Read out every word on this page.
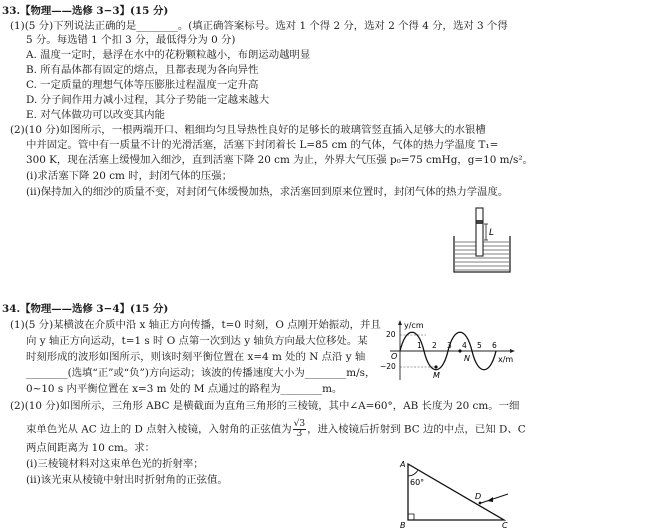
33.【物理——选修 3−3】(15 分)
(1)(5 分)下列说法正确的是________。(填正确答案标号。选对 1 个得 2 分，选对 2 个得 4 分，选对 3 个得
5 分。每选错 1 个扣 3 分，最低得分为 0 分)
A. 温度一定时，悬浮在水中的花粉颗粒越小，布朗运动越明显
B. 所有晶体都有固定的熔点，且都表现为各向异性
C. 一定质量的理想气体等压膨胀过程温度一定升高
D. 分子间作用力减小过程，其分子势能一定越来越大
E. 对气体做功可以改变其内能
(2)(10 分)如图所示，一根两端开口、粗细均匀且导热性良好的足够长的玻璃管竖直插入足够大的水银槽
中并固定。管中有一质量不计的光滑活塞，活塞下封闭着长 L=85 cm 的气体，气体的热力学温度 T₁=
300 K，现在活塞上缓慢加入细沙，直到活塞下降 20 cm 为止，外界大气压强 p₀=75 cmHg，g=10 m/s²。
(ⅰ)求活塞下降 20 cm 时，封闭气体的压强；
(ⅱ)保持加入的细沙的质量不变，对封闭气体缓慢加热，求活塞回到原来位置时，封闭气体的热力学温度。
L
34.【物理——选修 3−4】(15 分)
(1)(5 分)某横波在介质中沿 x 轴正方向传播，t=0 时刻，O 点刚开始振动，并且
向 y 轴正方向运动，t=1 s 时 O 点第一次到达 y 轴负方向最大位移处。某
时刻形成的波形如图所示，则该时刻平衡位置在 x=4 m 处的 N 点沿 y 轴
________(选填“正”或“负”)方向运动；该波的传播速度大小为________m/s，
0~10 s 内平衡位置在 x=3 m 处的 M 点通过的路程为________m。
y/cm
x/m
20
−20
O
1 2 3 4 5 6
M
N
(2)(10 分)如图所示，三角形 ABC 是横截面为直角三角形的三棱镜，其中∠A=60°，AB 长度为 20 cm。一细
束单色光从 AC 边上的 D 点射入棱镜，入射角的正弦值为 $\frac{√3}{3}$ ，进入棱镜后折射到 BC 边的中点，已知 D、C
两点间距离为 10 cm。求：
(ⅰ)三棱镜材料对这束单色光的折射率；
(ⅱ)该光束从棱镜中射出时折射角的正弦值。	60°
A
B	C
D
